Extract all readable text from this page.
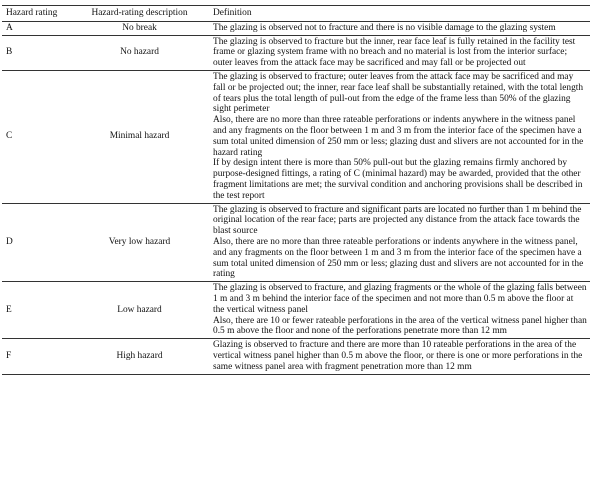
Hazard rating	Hazard-rating description	Definition
A	No break	The glazing is observed not to fracture and there is no visible damage to the glazing system

B	No hazard	The glazing is observed to fracture but the inner, rear face leaf is fully retained in the facility test frame or glazing system frame with no breach and no material is lost from the interior surface; outer leaves from the attack face may be sacrificed and may fall or be projected out

C	Minimal hazard	The glazing is observed to fracture; outer leaves from the attack face may be sacrificed and may fall or be projected out; the inner, rear face leaf shall be substantially retained, with the total length of tears plus the total length of pull-out from the edge of the frame less than 50% of the glazing sight perimeter
Also, there are no more than three rateable perforations or indents anywhere in the witness panel and any fragments on the floor between 1 m and 3 m from the interior face of the specimen have a sum total united dimension of 250 mm or less; glazing dust and slivers are not accounted for in the hazard rating
If by design intent there is more than 50% pull-out but the glazing remains firmly anchored by purpose-designed fittings, a rating of C (minimal hazard) may be awarded, provided that the other fragment limitations are met; the survival condition and anchoring provisions shall be described in the test report

D	Very low hazard	The glazing is observed to fracture and significant parts are located no further than 1 m behind the original location of the rear face; parts are projected any distance from the attack face towards the blast source
Also, there are no more than three rateable perforations or indents anywhere in the witness panel, and any fragments on the floor between 1 m and 3 m from the interior face of the specimen have a sum total united dimension of 250 mm or less; glazing dust and slivers are not accounted for in the rating

E	Low hazard	The glazing is observed to fracture, and glazing fragments or the whole of the glazing falls between 1 m and 3 m behind the interior face of the specimen and not more than 0.5 m above the floor at the vertical witness panel
Also, there are 10 or fewer rateable perforations in the area of the vertical witness panel higher than 0.5 m above the floor and none of the perforations penetrate more than 12 mm

F	High hazard	Glazing is observed to fracture and there are more than 10 rateable perforations in the area of the vertical witness panel higher than 0.5 m above the floor, or there is one or more perforations in the same witness panel area with fragment penetration more than 12 mm
